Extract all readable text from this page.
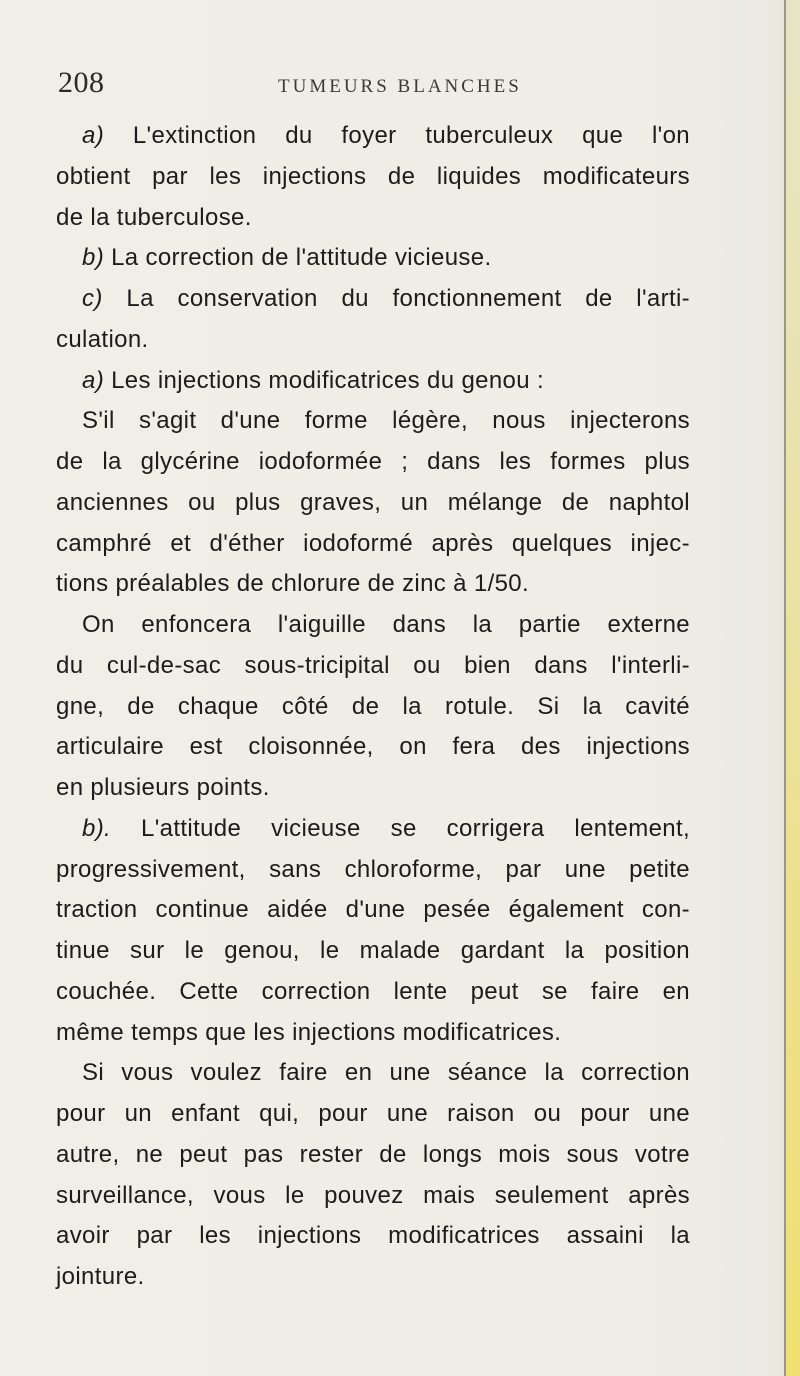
208	TUMEURS BLANCHES
a) L'extinction du foyer tuberculeux que l'on
obtient par les injections de liquides modificateurs
de la tuberculose.
b) La correction de l'attitude vicieuse.
c) La conservation du fonctionnement de l'arti-
culation.
a) Les injections modificatrices du genou :
S'il s'agit d'une forme légère, nous injecterons
de la glycérine iodoformée ; dans les formes plus
anciennes ou plus graves, un mélange de naphtol
camphré et d'éther iodoformé après quelques injec-
tions préalables de chlorure de zinc à 1/50.
On enfoncera l'aiguille dans la partie externe
du cul-de-sac sous-tricipital ou bien dans l'interli-
gne, de chaque côté de la rotule. Si la cavité
articulaire est cloisonnée, on fera des injections
en plusieurs points.
b). L'attitude vicieuse se corrigera lentement,
progressivement, sans chloroforme, par une petite
traction continue aidée d'une pesée également con-
tinue sur le genou, le malade gardant la position
couchée. Cette correction lente peut se faire en
même temps que les injections modificatrices.
Si vous voulez faire en une séance la correction
pour un enfant qui, pour une raison ou pour une
autre, ne peut pas rester de longs mois sous votre
surveillance, vous le pouvez mais seulement après
avoir par les injections modificatrices assaini la
jointure.
